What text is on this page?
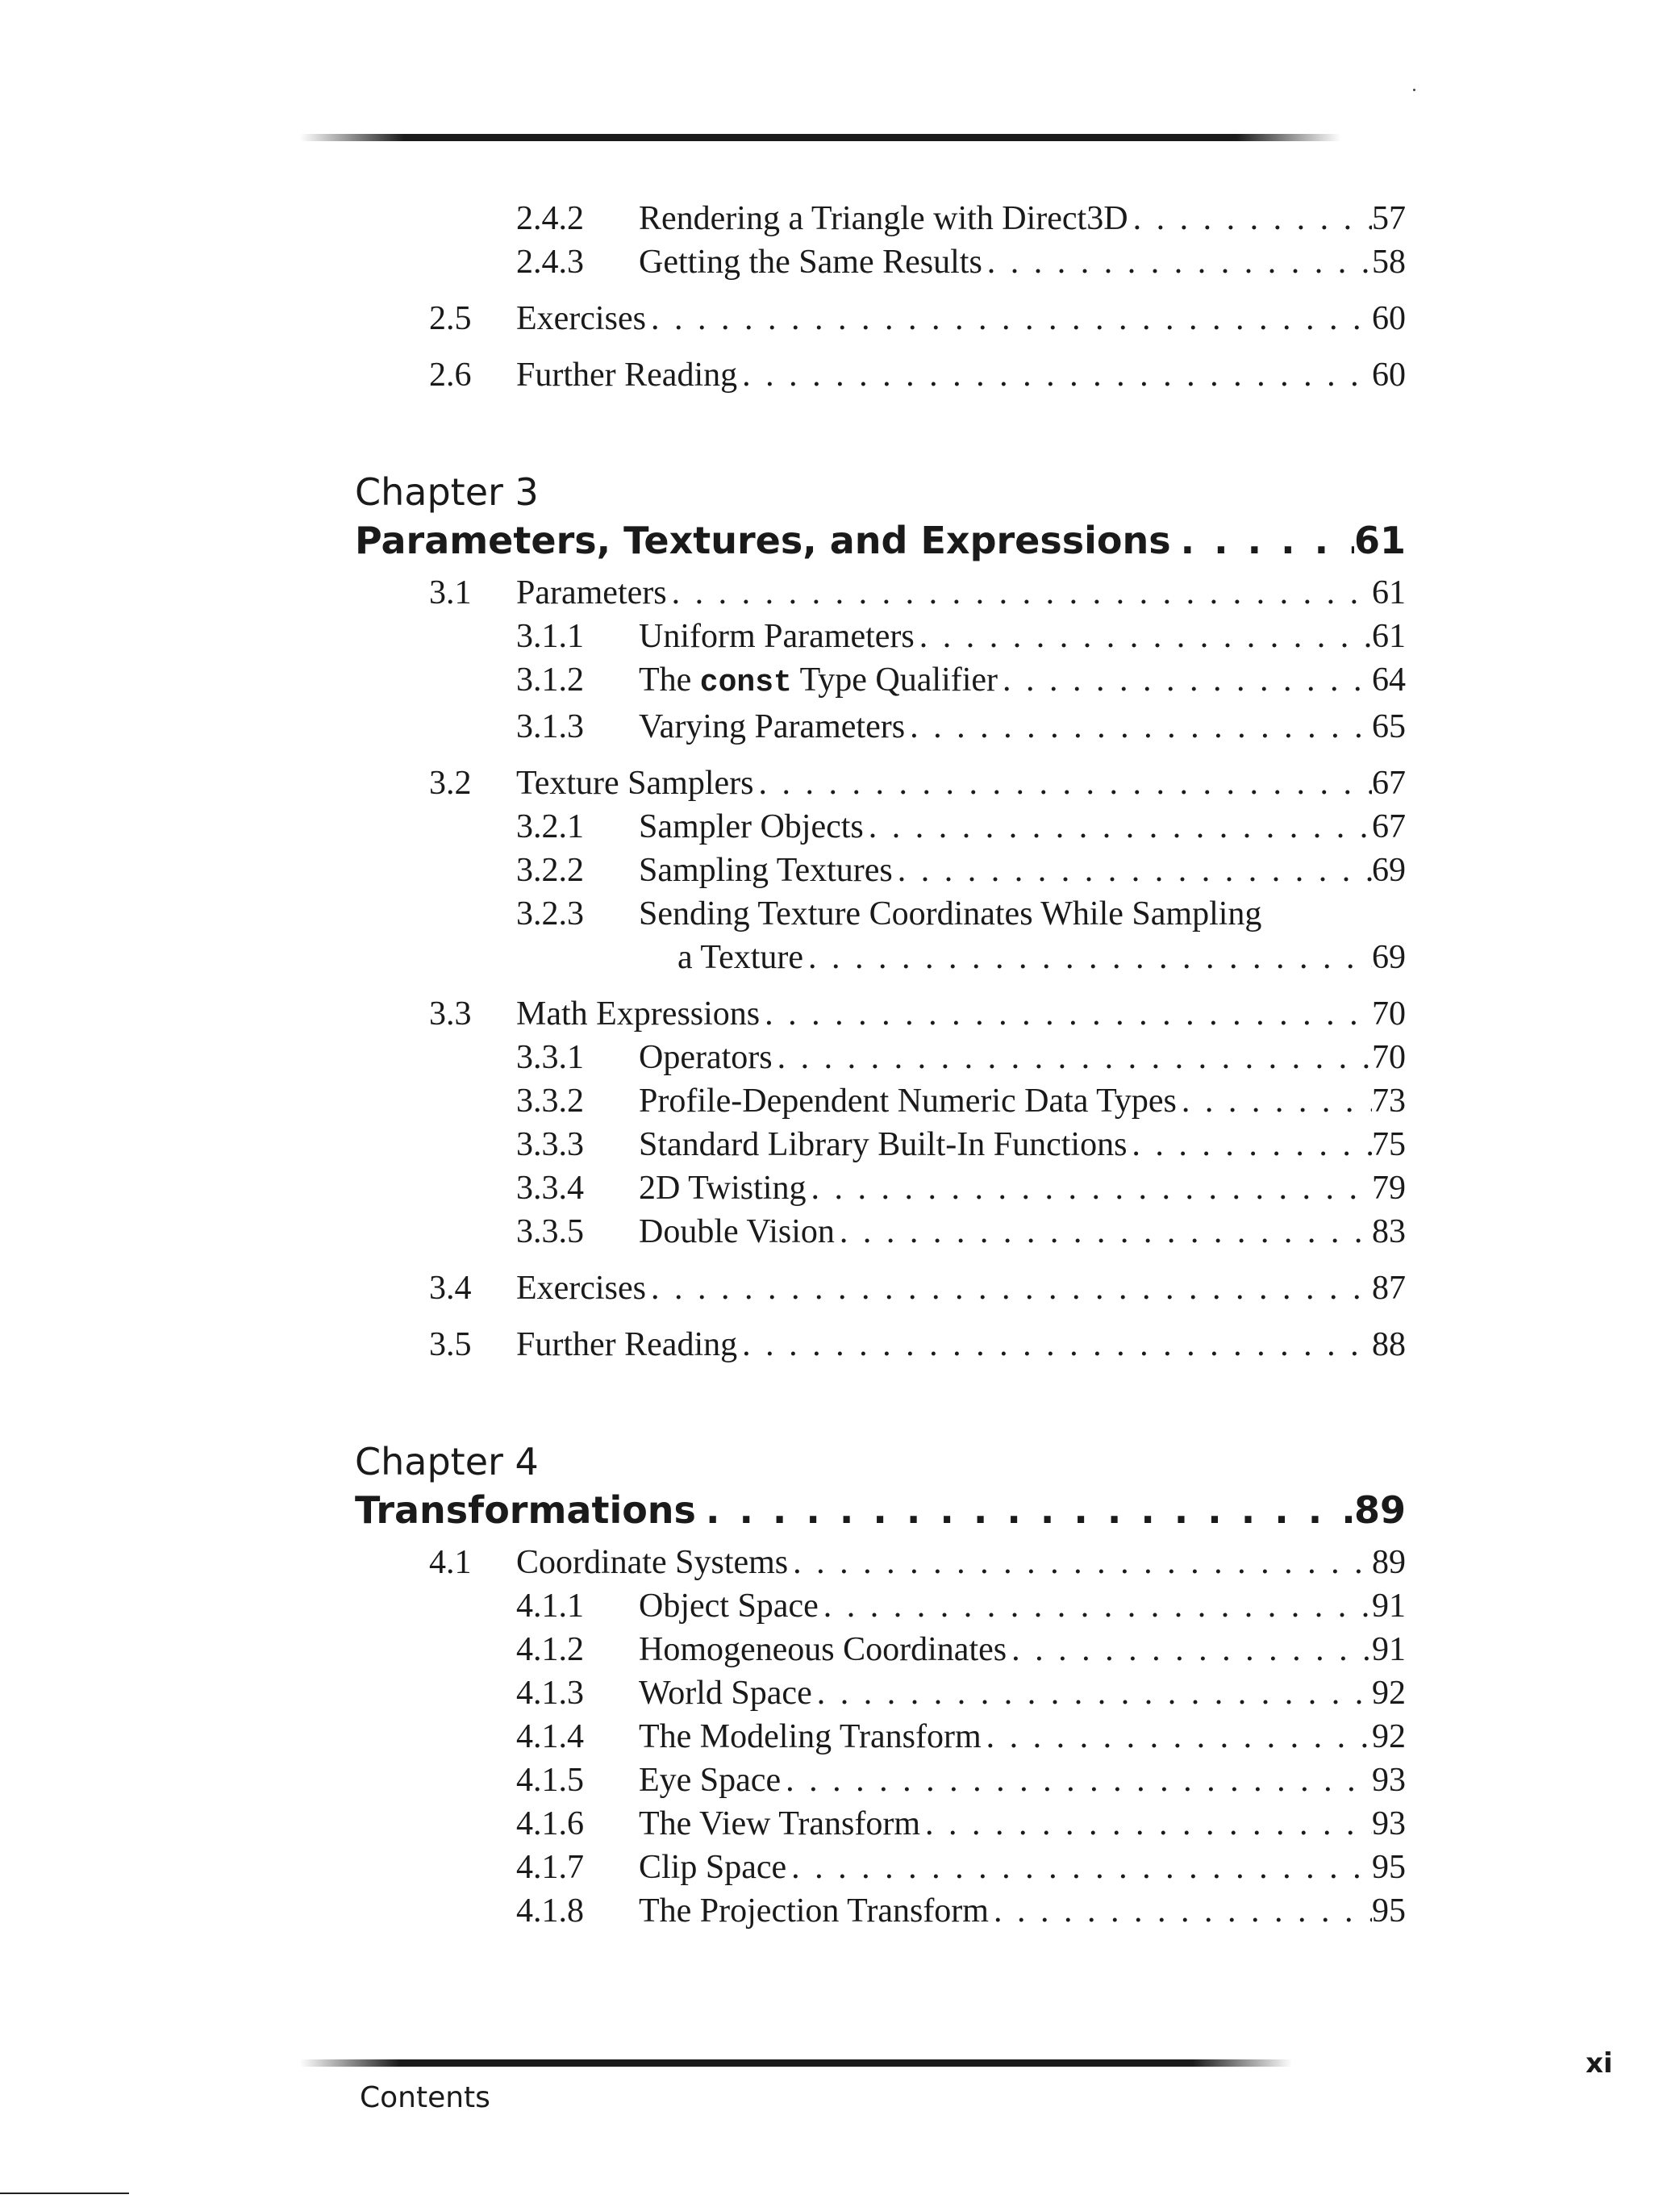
2.4.2	Rendering a Triangle with Direct3D . . .	57
2.4.3	Getting the Same Results . . .	58
2.5	Exercises . . .	60
2.6	Further Reading . . .	60
Chapter 3
Parameters, Textures, and Expressions . . .	61
3.1	Parameters . . .	61
3.1.1	Uniform Parameters . . .	61
3.1.2	The const Type Qualifier . . .	64
3.1.3	Varying Parameters . . .	65
3.2	Texture Samplers . . .	67
3.2.1	Sampler Objects . . .	67
3.2.2	Sampling Textures . . .	69
3.2.3	Sending Texture Coordinates While Sampling
a Texture . . .	69
3.3	Math Expressions . . .	70
3.3.1	Operators . . .	70
3.3.2	Profile-Dependent Numeric Data Types . . .	73
3.3.3	Standard Library Built-In Functions . . .	75
3.3.4	2D Twisting . . .	79
3.3.5	Double Vision . . .	83
3.4	Exercises . . .	87
3.5	Further Reading . . .	88
Chapter 4
Transformations . . .	89
4.1	Coordinate Systems . . .	89
4.1.1	Object Space . . .	91
4.1.2	Homogeneous Coordinates . . .	91
4.1.3	World Space . . .	92
4.1.4	The Modeling Transform . . .	92
4.1.5	Eye Space . . .	93
4.1.6	The View Transform . . .	93
4.1.7	Clip Space . . .	95
4.1.8	The Projection Transform . . .	95
xi
Contents
